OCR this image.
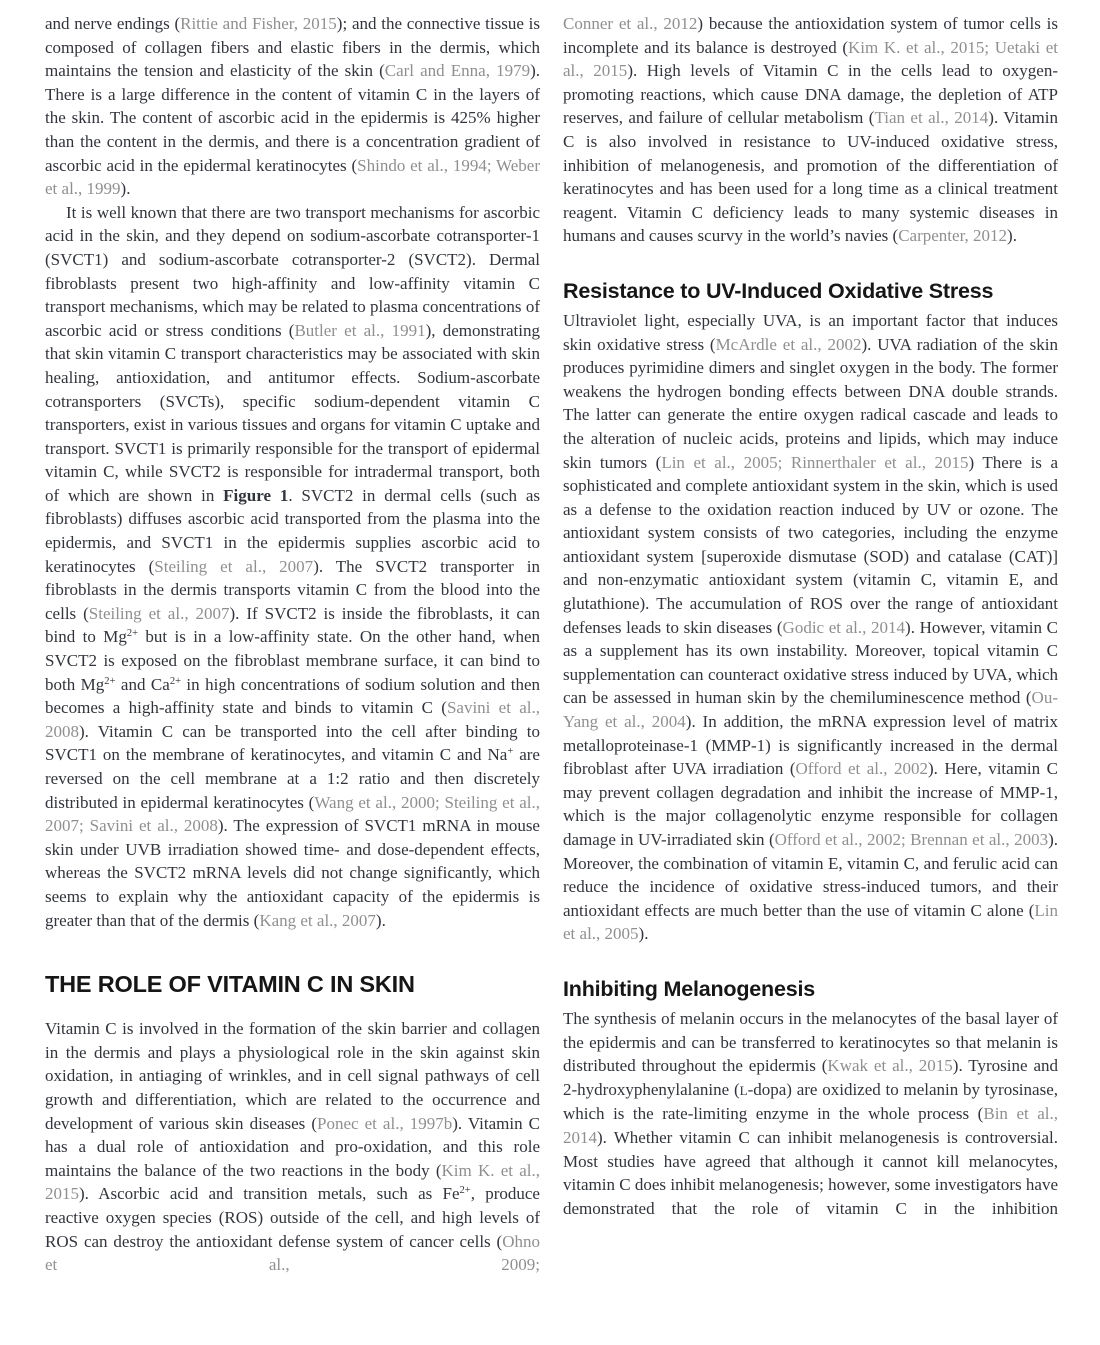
and nerve endings (Rittie and Fisher, 2015); and the connective tissue is composed of collagen fibers and elastic fibers in the dermis, which maintains the tension and elasticity of the skin (Carl and Enna, 1979). There is a large difference in the content of vitamin C in the layers of the skin. The content of ascorbic acid in the epidermis is 425% higher than the content in the dermis, and there is a concentration gradient of ascorbic acid in the epidermal keratinocytes (Shindo et al., 1994; Weber et al., 1999).

It is well known that there are two transport mechanisms for ascorbic acid in the skin, and they depend on sodium-ascorbate cotransporter-1 (SVCT1) and sodium-ascorbate cotransporter-2 (SVCT2). Dermal fibroblasts present two high-affinity and low-affinity vitamin C transport mechanisms, which may be related to plasma concentrations of ascorbic acid or stress conditions (Butler et al., 1991), demonstrating that skin vitamin C transport characteristics may be associated with skin healing, antioxidation, and antitumor effects. Sodium-ascorbate cotransporters (SVCTs), specific sodium-dependent vitamin C transporters, exist in various tissues and organs for vitamin C uptake and transport. SVCT1 is primarily responsible for the transport of epidermal vitamin C, while SVCT2 is responsible for intradermal transport, both of which are shown in Figure 1. SVCT2 in dermal cells (such as fibroblasts) diffuses ascorbic acid transported from the plasma into the epidermis, and SVCT1 in the epidermis supplies ascorbic acid to keratinocytes (Steiling et al., 2007). The SVCT2 transporter in fibroblasts in the dermis transports vitamin C from the blood into the cells (Steiling et al., 2007). If SVCT2 is inside the fibroblasts, it can bind to $Mg^{2+}$ but is in a low-affinity state. On the other hand, when SVCT2 is exposed on the fibroblast membrane surface, it can bind to both $Mg^{2+}$ and $Ca^{2+}$ in high concentrations of sodium solution and then becomes a high-affinity state and binds to vitamin C (Savini et al., 2008). Vitamin C can be transported into the cell after binding to SVCT1 on the membrane of keratinocytes, and vitamin C and Na+ are reversed on the cell membrane at a 1:2 ratio and then discretely distributed in epidermal keratinocytes (Wang et al., 2000; Steiling et al., 2007; Savini et al., 2008). The expression of SVCT1 mRNA in mouse skin under UVB irradiation showed time- and dose-dependent effects, whereas the SVCT2 mRNA levels did not change significantly, which seems to explain why the antioxidant capacity of the epidermis is greater than that of the dermis (Kang et al., 2007).

THE ROLE OF VITAMIN C IN SKIN

Vitamin C is involved in the formation of the skin barrier and collagen in the dermis and plays a physiological role in the skin against skin oxidation, in antiaging of wrinkles, and in cell signal pathways of cell growth and differentiation, which are related to the occurrence and development of various skin diseases (Ponec et al., 1997b). Vitamin C has a dual role of antioxidation and pro-oxidation, and this role maintains the balance of the two reactions in the body (Kim K. et al., 2015). Ascorbic acid and transition metals, such as $Fe^{2+}$, produce reactive oxygen species (ROS) outside of the cell, and high levels of ROS can destroy the antioxidant defense system of cancer cells (Ohno et al., 2009;

Conner et al., 2012) because the antioxidation system of tumor cells is incomplete and its balance is destroyed (Kim K. et al., 2015; Uetaki et al., 2015). High levels of Vitamin C in the cells lead to oxygen-promoting reactions, which cause DNA damage, the depletion of ATP reserves, and failure of cellular metabolism (Tian et al., 2014). Vitamin C is also involved in resistance to UV-induced oxidative stress, inhibition of melanogenesis, and promotion of the differentiation of keratinocytes and has been used for a long time as a clinical treatment reagent. Vitamin C deficiency leads to many systemic diseases in humans and causes scurvy in the world’s navies (Carpenter, 2012).

Resistance to UV-Induced Oxidative Stress

Ultraviolet light, especially UVA, is an important factor that induces skin oxidative stress (McArdle et al., 2002). UVA radiation of the skin produces pyrimidine dimers and singlet oxygen in the body. The former weakens the hydrogen bonding effects between DNA double strands. The latter can generate the entire oxygen radical cascade and leads to the alteration of nucleic acids, proteins and lipids, which may induce skin tumors (Lin et al., 2005; Rinnerthaler et al., 2015) There is a sophisticated and complete antioxidant system in the skin, which is used as a defense to the oxidation reaction induced by UV or ozone. The antioxidant system consists of two categories, including the enzyme antioxidant system [superoxide dismutase (SOD) and catalase (CAT)] and non-enzymatic antioxidant system (vitamin C, vitamin E, and glutathione). The accumulation of ROS over the range of antioxidant defenses leads to skin diseases (Godic et al., 2014). However, vitamin C as a supplement has its own instability. Moreover, topical vitamin C supplementation can counteract oxidative stress induced by UVA, which can be assessed in human skin by the chemiluminescence method (Ou-Yang et al., 2004). In addition, the mRNA expression level of matrix metalloproteinase-1 (MMP-1) is significantly increased in the dermal fibroblast after UVA irradiation (Offord et al., 2002). Here, vitamin C may prevent collagen degradation and inhibit the increase of MMP-1, which is the major collagenolytic enzyme responsible for collagen damage in UV-irradiated skin (Offord et al., 2002; Brennan et al., 2003). Moreover, the combination of vitamin E, vitamin C, and ferulic acid can reduce the incidence of oxidative stress-induced tumors, and their antioxidant effects are much better than the use of vitamin C alone (Lin et al., 2005).

Inhibiting Melanogenesis

The synthesis of melanin occurs in the melanocytes of the basal layer of the epidermis and can be transferred to keratinocytes so that melanin is distributed throughout the epidermis (Kwak et al., 2015). Tyrosine and 2-hydroxyphenylalanine (L-dopa) are oxidized to melanin by tyrosinase, which is the rate-limiting enzyme in the whole process (Bin et al., 2014). Whether vitamin C can inhibit melanogenesis is controversial. Most studies have agreed that although it cannot kill melanocytes, vitamin C does inhibit melanogenesis; however, some investigators have demonstrated that the role of vitamin C in the inhibition
